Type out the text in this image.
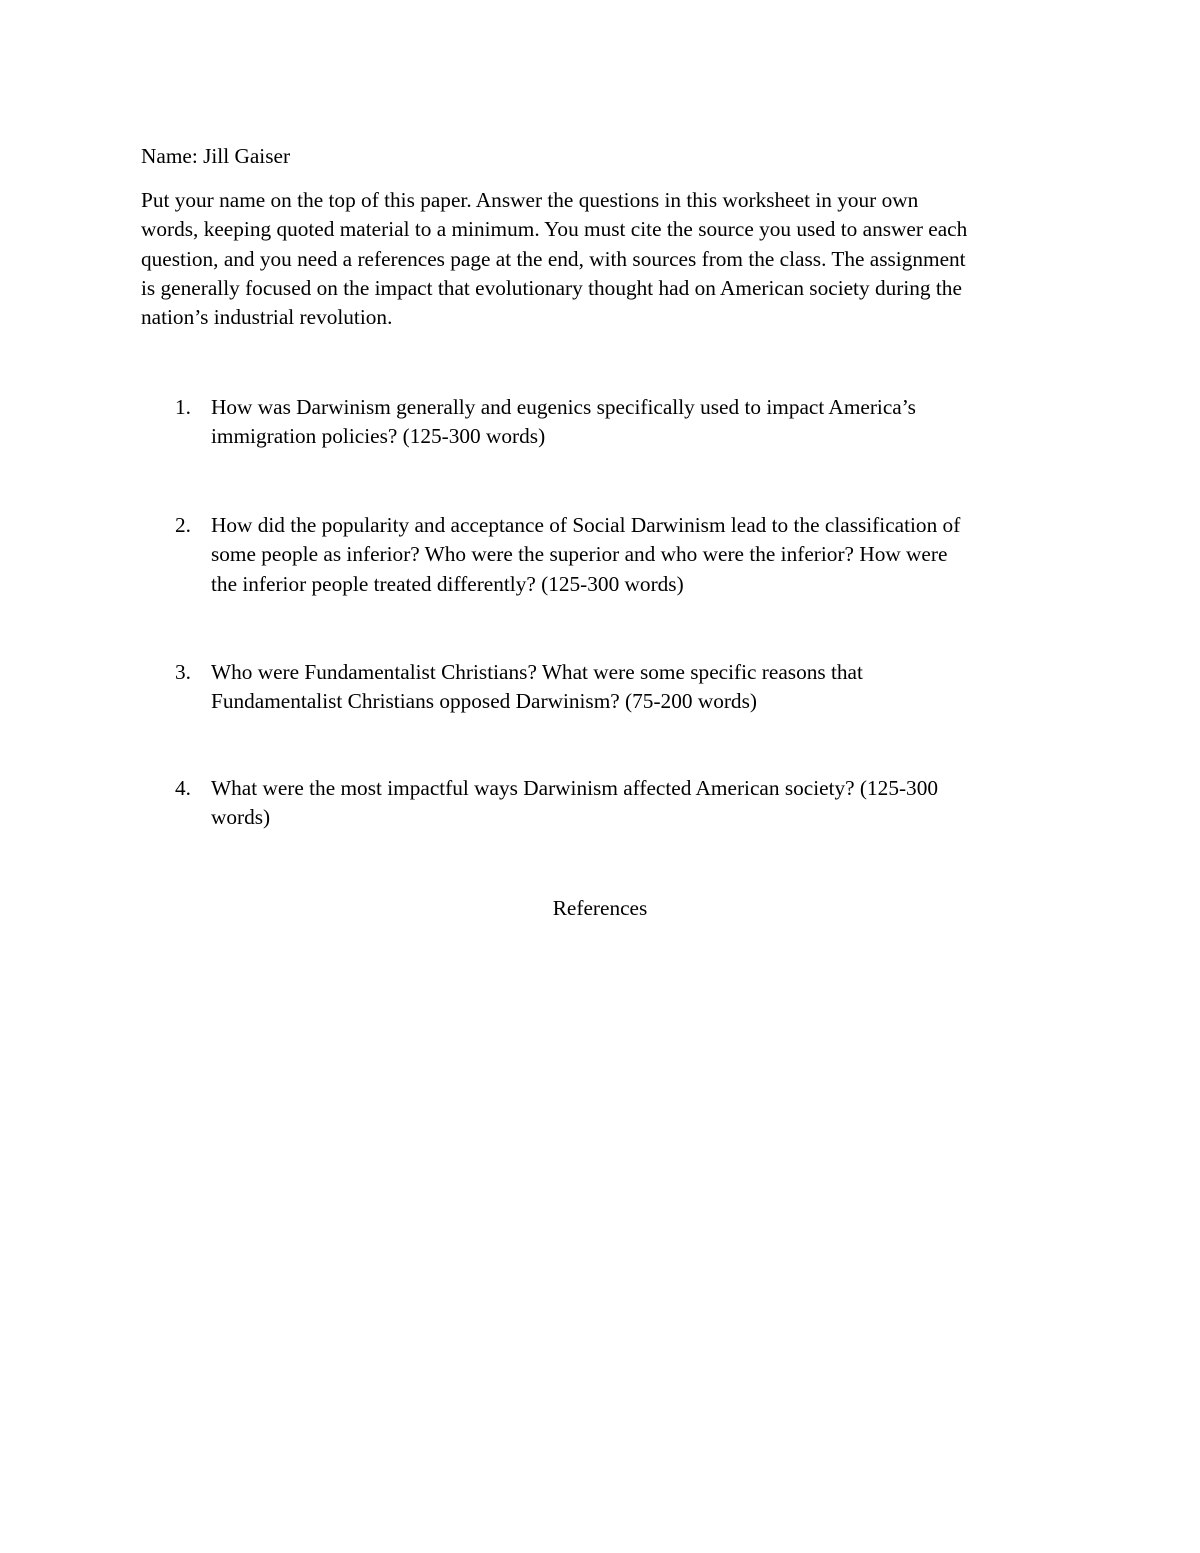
Name: Jill Gaiser
Put your name on the top of this paper. Answer the questions in this worksheet in your own
words, keeping quoted material to a minimum. You must cite the source you used to answer each
question, and you need a references page at the end, with sources from the class. The assignment
is generally focused on the impact that evolutionary thought had on American society during the
nation’s industrial revolution.
1. How was Darwinism generally and eugenics specifically used to impact America’s
immigration policies? (125-300 words)
2. How did the popularity and acceptance of Social Darwinism lead to the classification of
some people as inferior? Who were the superior and who were the inferior? How were
the inferior people treated differently? (125-300 words)
3. Who were Fundamentalist Christians? What were some specific reasons that
Fundamentalist Christians opposed Darwinism? (75-200 words)
4. What were the most impactful ways Darwinism affected American society? (125-300
words)
References
